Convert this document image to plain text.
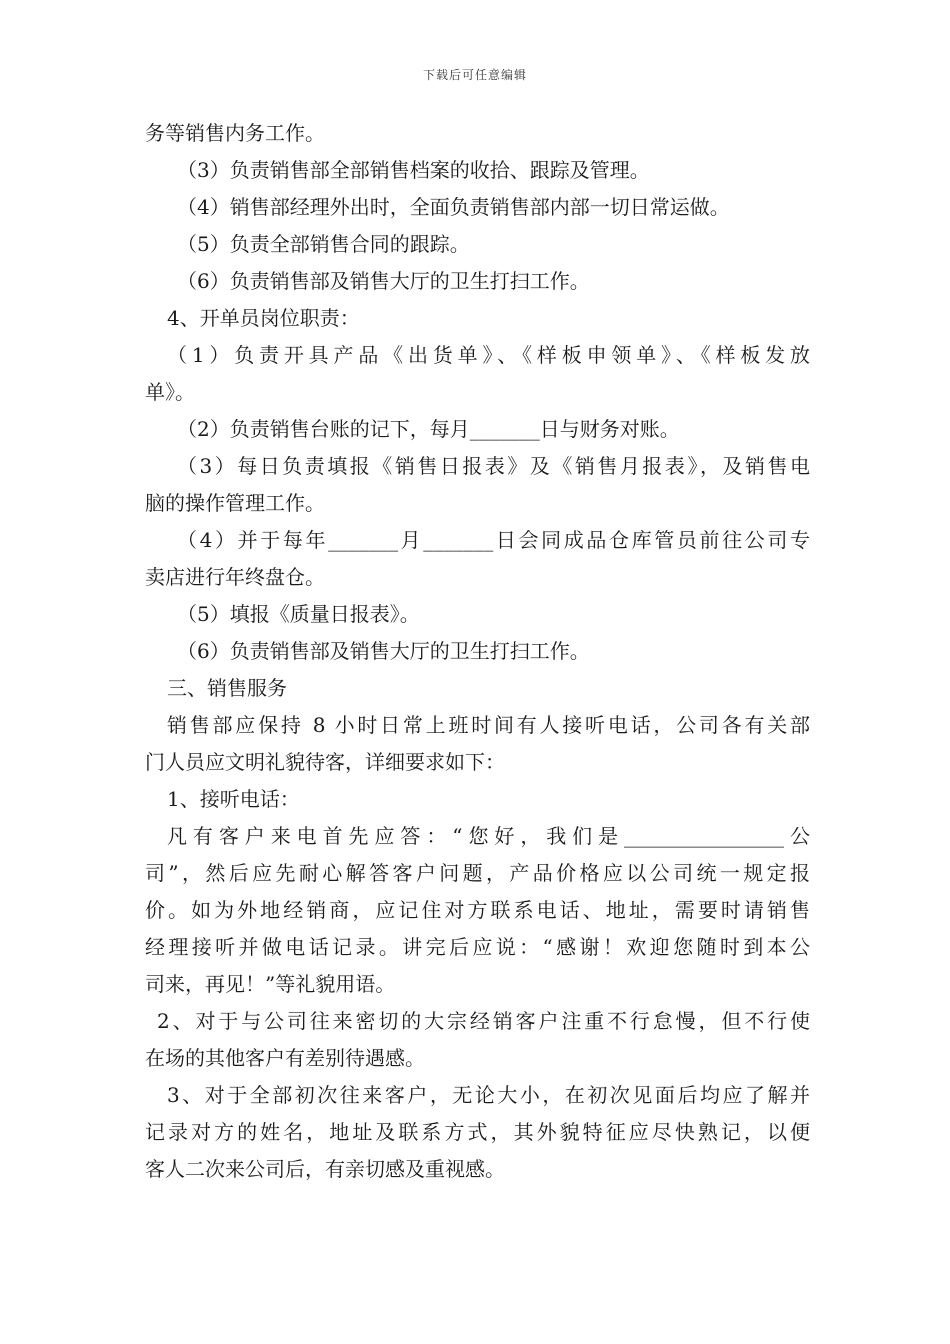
下载后可任意编辑
务等销售内务工作。
（3）负责销售部全部销售档案的收拾、跟踪及管理。
（4）销售部经理外出时，全面负责销售部内部一切日常运做。
（5）负责全部销售合同的跟踪。
（6）负责销售部及销售大厅的卫生打扫工作。
4、开单员岗位职责：
（1）负责开具产品《出货单》、《样板申领单》、《样板发放
单》。
（2）负责销售台账的记下，每月_______日与财务对账。
（3）每日负责填报《销售日报表》及《销售月报表》，及销售电
脑的操作管理工作。
（4）并于每年_______月_______日会同成品仓库管员前往公司专
卖店进行年终盘仓。
（5）填报《质量日报表》。
（6）负责销售部及销售大厅的卫生打扫工作。
三、销售服务
销售部应保持 8 小时日常上班时间有人接听电话，公司各有关部
门人员应文明礼貌待客，详细要求如下：
1、接听电话：
凡有客户来电首先应答：“您好，我们是________________公
司”，然后应先耐心解答客户问题，产品价格应以公司统一规定报
价。如为外地经销商，应记住对方联系电话、地址，需要时请销售
经理接听并做电话记录。讲完后应说：“感谢！欢迎您随时到本公
司来，再见！”等礼貌用语。
2、对于与公司往来密切的大宗经销客户注重不行怠慢，但不行使
在场的其他客户有差别待遇感。
3、对于全部初次往来客户，无论大小，在初次见面后均应了解并
记录对方的姓名，地址及联系方式，其外貌特征应尽快熟记，以便
客人二次来公司后，有亲切感及重视感。
